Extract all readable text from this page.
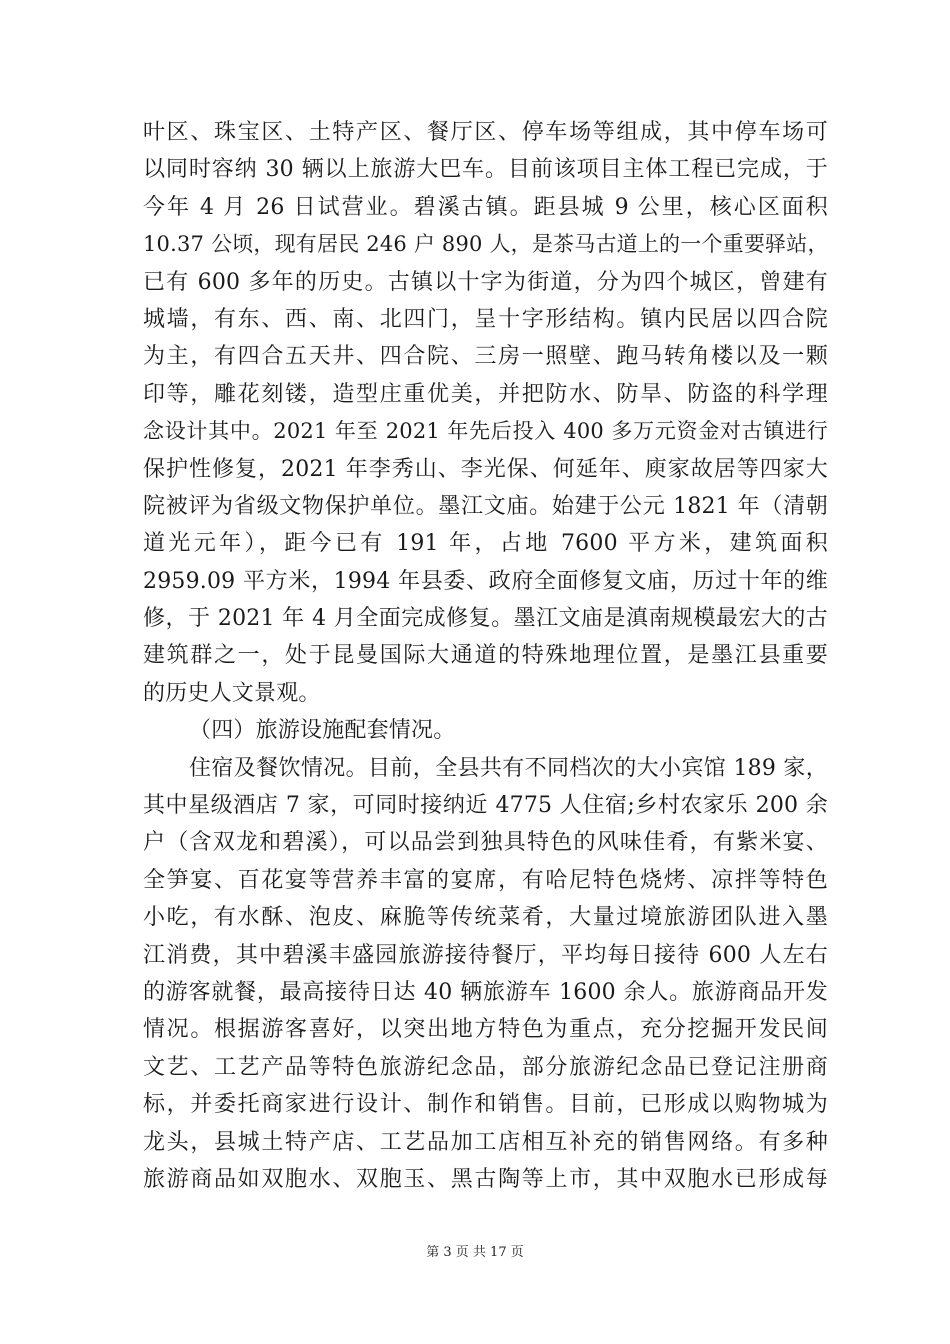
叶区、珠宝区、土特产区、餐厅区、停车场等组成，其中停车场可
以同时容纳 30 辆以上旅游大巴车。目前该项目主体工程已完成，于
今年 4 月 26 日试营业。碧溪古镇。距县城 9 公里，核心区面积
10.37 公顷，现有居民 246 户 890 人，是茶马古道上的一个重要驿站，
已有 600 多年的历史。古镇以十字为街道，分为四个城区，曾建有
城墙，有东、西、南、北四门，呈十字形结构。镇内民居以四合院
为主，有四合五天井、四合院、三房一照壁、跑马转角楼以及一颗
印等，雕花刻镂，造型庄重优美，并把防水、防旱、防盗的科学理
念设计其中。2021 年至 2021 年先后投入 400 多万元资金对古镇进行
保护性修复，2021 年李秀山、李光保、何延年、庾家故居等四家大
院被评为省级文物保护单位。墨江文庙。始建于公元 1821 年（清朝
道光元年），距今已有 191 年，占地 7600 平方米，建筑面积
2959.09 平方米，1994 年县委、政府全面修复文庙，历过十年的维
修，于 2021 年 4 月全面完成修复。墨江文庙是滇南规模最宏大的古
建筑群之一，处于昆曼国际大通道的特殊地理位置，是墨江县重要
的历史人文景观。
（四）旅游设施配套情况。
住宿及餐饮情况。目前，全县共有不同档次的大小宾馆 189 家，
其中星级酒店 7 家，可同时接纳近 4775 人住宿;乡村农家乐 200 余
户（含双龙和碧溪），可以品尝到独具特色的风味佳肴，有紫米宴、
全笋宴、百花宴等营养丰富的宴席，有哈尼特色烧烤、凉拌等特色
小吃，有水酥、泡皮、麻脆等传统菜肴，大量过境旅游团队进入墨
江消费，其中碧溪丰盛园旅游接待餐厅，平均每日接待 600 人左右
的游客就餐，最高接待日达 40 辆旅游车 1600 余人。旅游商品开发
情况。根据游客喜好，以突出地方特色为重点，充分挖掘开发民间
文艺、工艺产品等特色旅游纪念品，部分旅游纪念品已登记注册商
标，并委托商家进行设计、制作和销售。目前，已形成以购物城为
龙头，县城土特产店、工艺品加工店相互补充的销售网络。有多种
旅游商品如双胞水、双胞玉、黑古陶等上市，其中双胞水已形成每
第 3 页 共 17 页
